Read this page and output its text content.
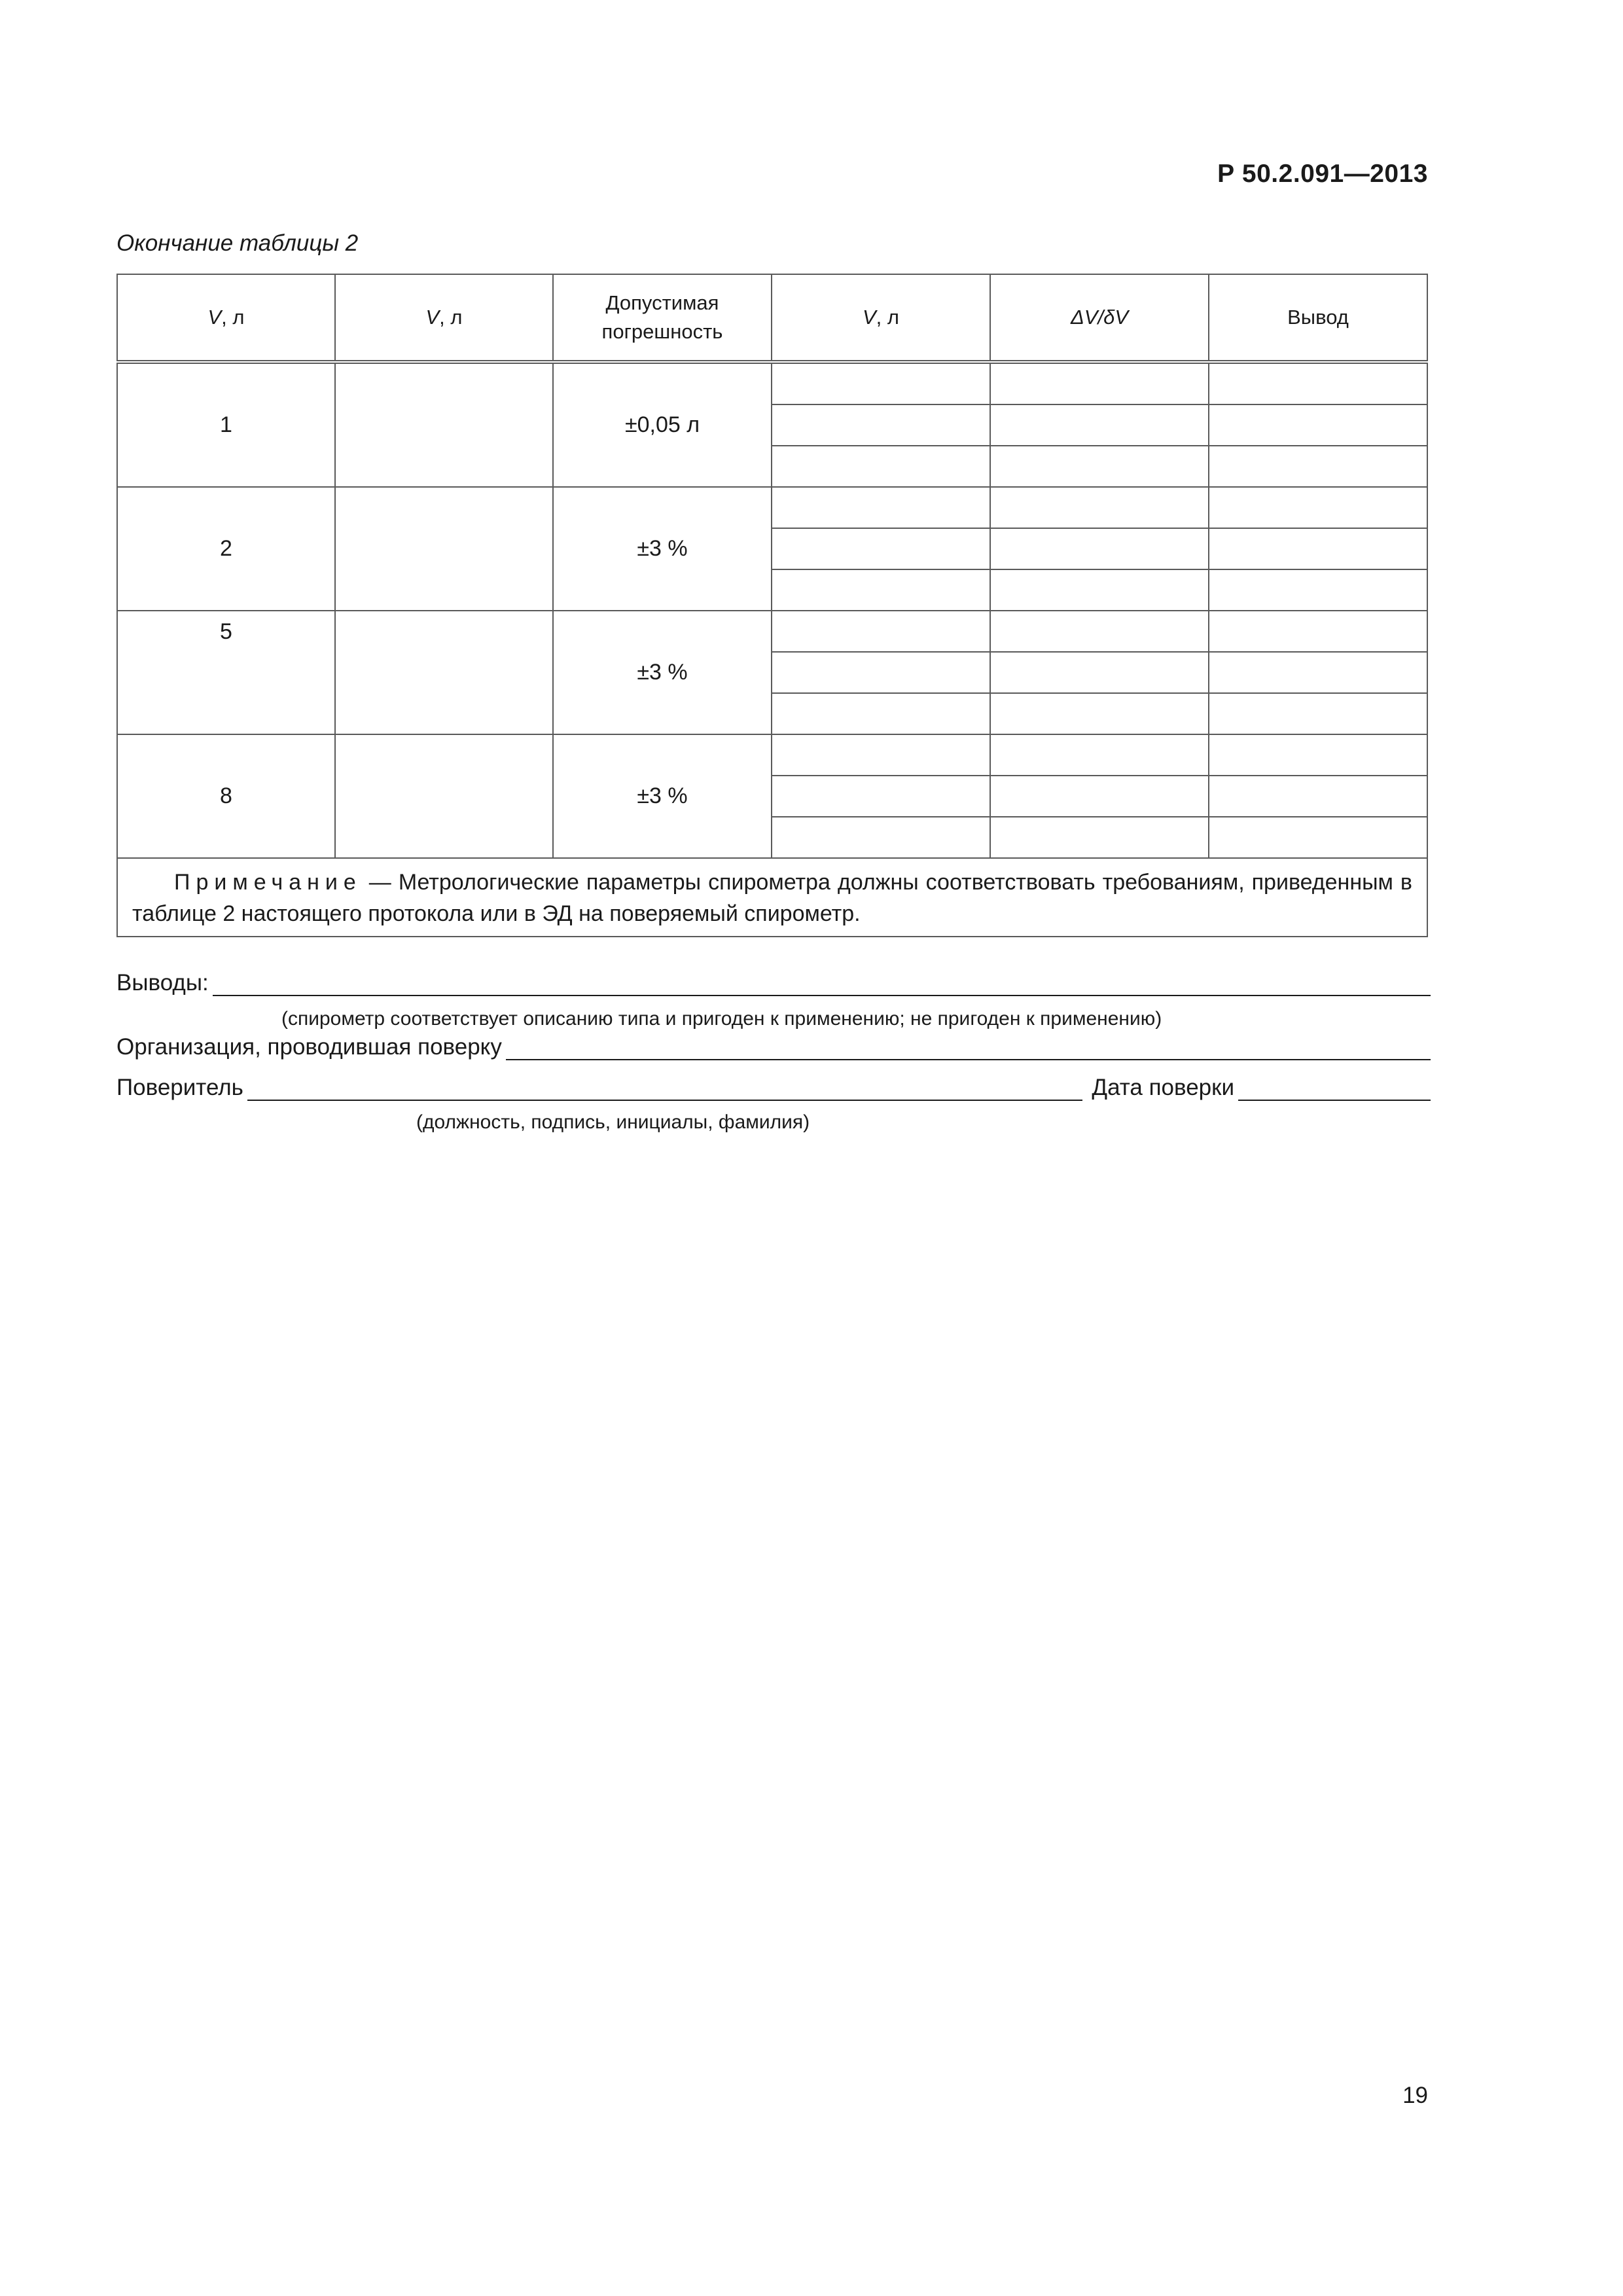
Р 50.2.091—2013
Окончание таблицы 2
V, л	V, л	Допустимая погрешность	V, л	ΔV/δV	Вывод
1		±0,05 л			

2		±3 %			

5		±3 %			

8		±3 %			

Примечание — Метрологические параметры спирометра должны соответствовать требованиям, приведенным в таблице 2 настоящего протокола или в ЭД на поверяемый спирометр.					
Выводы:
(спирометр соответствует описанию типа и пригоден к применению; не пригоден к применению)
Организация, проводившая поверку
Поверитель	Дата поверки
(должность, подпись, инициалы, фамилия)
19
